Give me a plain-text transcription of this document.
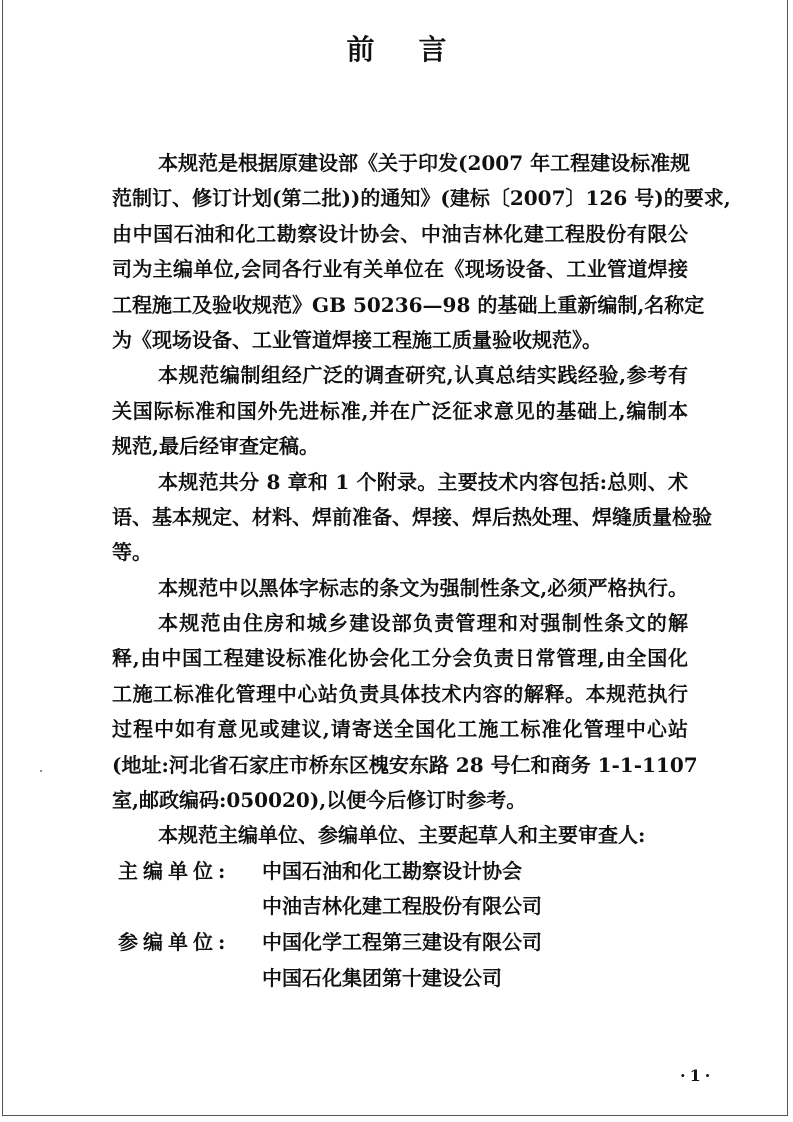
前言
本规范是根据原建设部《关于印发(2007 年工程建设标准规
范制订、修订计划(第二批))的通知》(建标〔2007〕126 号)的要求,
由中国石油和化工勘察设计协会、中油吉林化建工程股份有限公
司为主编单位,会同各行业有关单位在《现场设备、工业管道焊接
工程施工及验收规范》GB 50236—98 的基础上重新编制,名称定
为《现场设备、工业管道焊接工程施工质量验收规范》。
本规范编制组经广泛的调查研究,认真总结实践经验,参考有
关国际标准和国外先进标准,并在广泛征求意见的基础上,编制本
规范,最后经审查定稿。
本规范共分 8 章和 1 个附录。主要技术内容包括:总则、术
语、基本规定、材料、焊前准备、焊接、焊后热处理、焊缝质量检验
等。
本规范中以黑体字标志的条文为强制性条文,必须严格执行。
本规范由住房和城乡建设部负责管理和对强制性条文的解
释,由中国工程建设标准化协会化工分会负责日常管理,由全国化
工施工标准化管理中心站负责具体技术内容的解释。本规范执行
过程中如有意见或建议,请寄送全国化工施工标准化管理中心站
(地址:河北省石家庄市桥东区槐安东路 28 号仁和商务 1-1-1107
室,邮政编码:050020),以便今后修订时参考。
本规范主编单位、参编单位、主要起草人和主要审查人:
主编单位:	中国石油和化工勘察设计协会
中油吉林化建工程股份有限公司
参编单位:	中国化学工程第三建设有限公司
中国石化集团第十建设公司
·1·
